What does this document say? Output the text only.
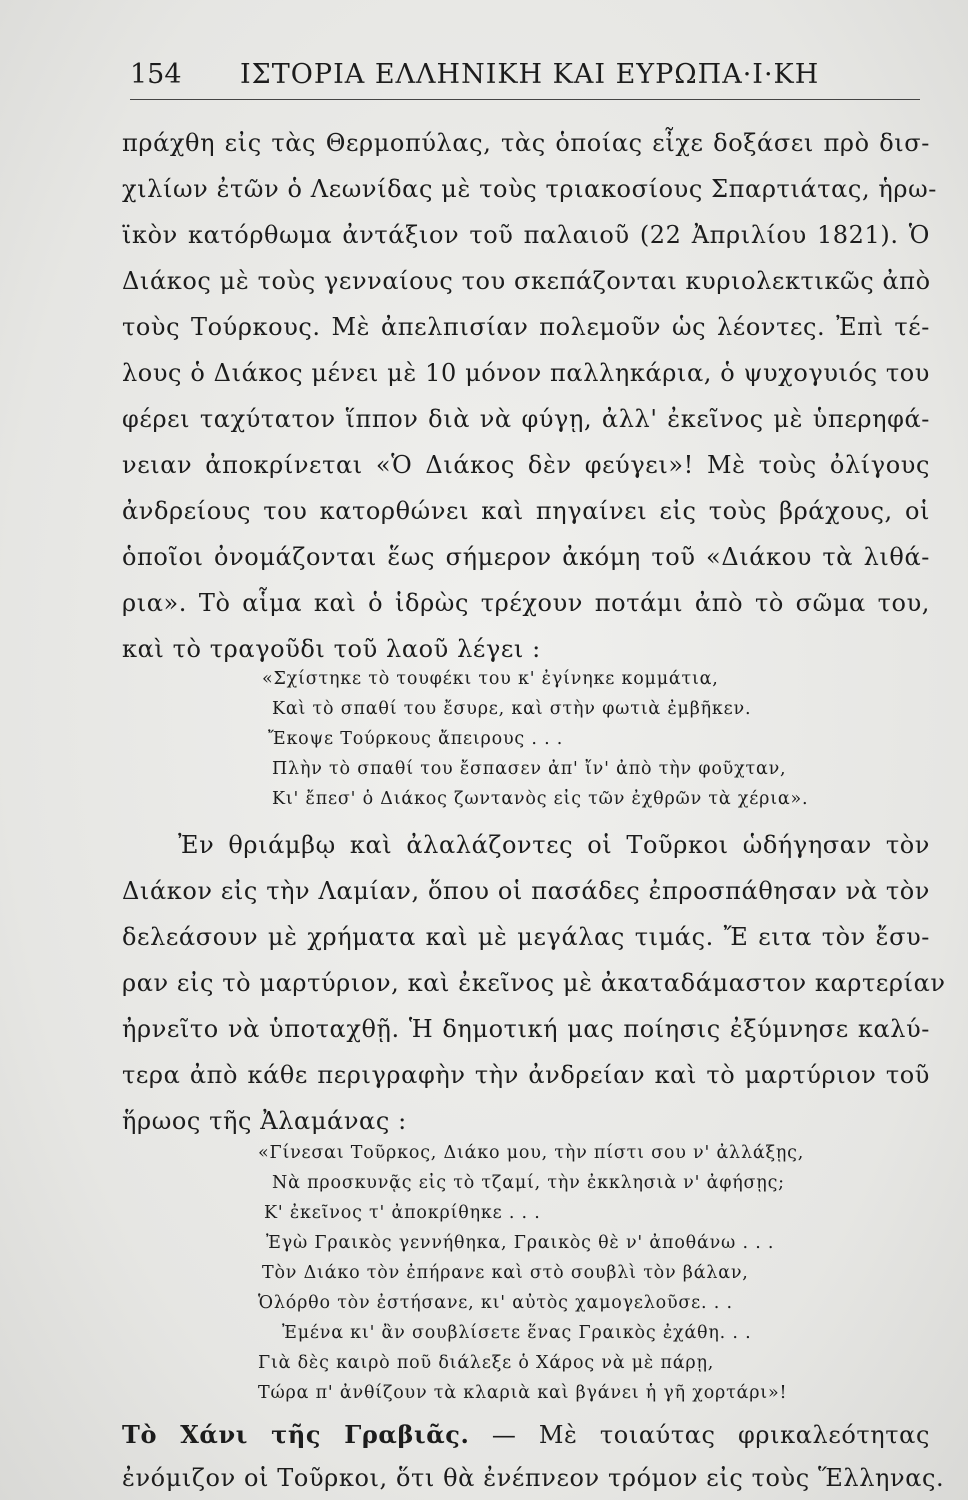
154 ΙΣΤΟΡΙΑ ΕΛΛΗΝΙΚΗ ΚΑΙ ΕΥΡΩΠΑ·Ι·ΚΗ
πράχθη εἰς τὰς Θερμοπύλας, τὰς ὁποίας εἶχε δοξάσει πρὸ δισ-
χιλίων ἐτῶν ὁ Λεωνίδας μὲ τοὺς τριακοσίους Σπαρτιάτας, ἡρω-
ϊκὸν κατόρθωμα ἀντάξιον τοῦ παλαιοῦ (22 Ἀπριλίου 1821). Ὁ
Διάκος μὲ τοὺς γενναίους του σκεπάζονται κυριολεκτικῶς ἀπὸ
τοὺς Τούρκους. Μὲ ἀπελπισίαν πολεμοῦν ὡς λέοντες. Ἐπὶ τέ-
λους ὁ Διάκος μένει μὲ 10 μόνον παλληκάρια, ὁ ψυχογυιός του
φέρει ταχύτατον ἵππον διὰ νὰ φύγῃ, ἀλλ' ἐκεῖνος μὲ ὑπερηφά-
νειαν ἀποκρίνεται «Ὁ Διάκος δὲν φεύγει»! Μὲ τοὺς ὀλίγους
ἀνδρείους του κατορθώνει καὶ πηγαίνει εἰς τοὺς βράχους, οἱ
ὁποῖοι ὀνομάζονται ἕως σήμερον ἀκόμη τοῦ «Διάκου τὰ λιθά-
ρια». Τὸ αἷμα καὶ ὁ ἱδρὼς τρέχουν ποτάμι ἀπὸ τὸ σῶμα του,
καὶ τὸ τραγοῦδι τοῦ λαοῦ λέγει :
«Σχίστηκε τὸ τουφέκι του κ' ἐγίνηκε κομμάτια,
Καὶ τὸ σπαθί του ἔσυρε, καὶ στὴν φωτιὰ ἐμβῆκεν.
Ἔκοψε Τούρκους ἄπειρους . . .
Πλὴν τὸ σπαθί του ἔσπασεν ἀπ' ἴν' ἀπὸ τὴν φοῦχταν,
Κι' ἔπεσ' ὁ Διάκος ζωντανὸς εἰς τῶν ἐχθρῶν τὰ χέρια».
Ἐν θριάμβῳ καὶ ἀλαλάζοντες οἱ Τοῦρκοι ὡδήγησαν τὸν
Διάκον εἰς τὴν Λαμίαν, ὅπου οἱ πασάδες ἐπροσπάθησαν νὰ τὸν
δελεάσουν μὲ χρήματα καὶ μὲ μεγάλας τιμάς. Ἔ ειτα τὸν ἔσυ-
ραν εἰς τὸ μαρτύριον, καὶ ἐκεῖνος μὲ ἀκαταδάμαστον καρτερίαν
ἠρνεῖτο νὰ ὑποταχθῇ. Ἡ δημοτική μας ποίησις ἐξύμνησε καλύ-
τερα ἀπὸ κάθε περιγραφὴν τὴν ἀνδρείαν καὶ τὸ μαρτύριον τοῦ
ἥρωος τῆς Ἀλαμάνας :
«Γίνεσαι Τοῦρκος, Διάκο μου, τὴν πίστι σου ν' ἀλλάξῃς,
Νὰ προσκυνᾷς εἰς τὸ τζαμί, τὴν ἐκκλησιὰ ν' ἀφήσῃς;
Κ' ἐκεῖνος τ' ἀποκρίθηκε . . .
Ἐγὼ Γραικὸς γεννήθηκα, Γραικὸς θὲ ν' ἀποθάνω . . .
Τὸν Διάκο τὸν ἐπήρανε καὶ στὸ σουβλὶ τὸν βάλαν,
Ὁλόρθο τὸν ἐστήσανε, κι' αὐτὸς χαμογελοῦσε. . .
Ἐμένα κι' ἂν σουβλίσετε ἕνας Γραικὸς ἐχάθη. . .
Γιὰ δὲς καιρὸ ποῦ διάλεξε ὁ Χάρος νὰ μὲ πάρῃ,
Τώρα π' ἀνθίζουν τὰ κλαριὰ καὶ βγάνει ἡ γῆ χορτάρι»!
Τὸ Χάνι τῆς Γραβιᾶς. — Μὲ τοιαύτας φρικαλεότητας
ἐνόμιζον οἱ Τοῦρκοι, ὅτι θὰ ἐνέπνεον τρόμον εἰς τοὺς Ἕλληνας.
